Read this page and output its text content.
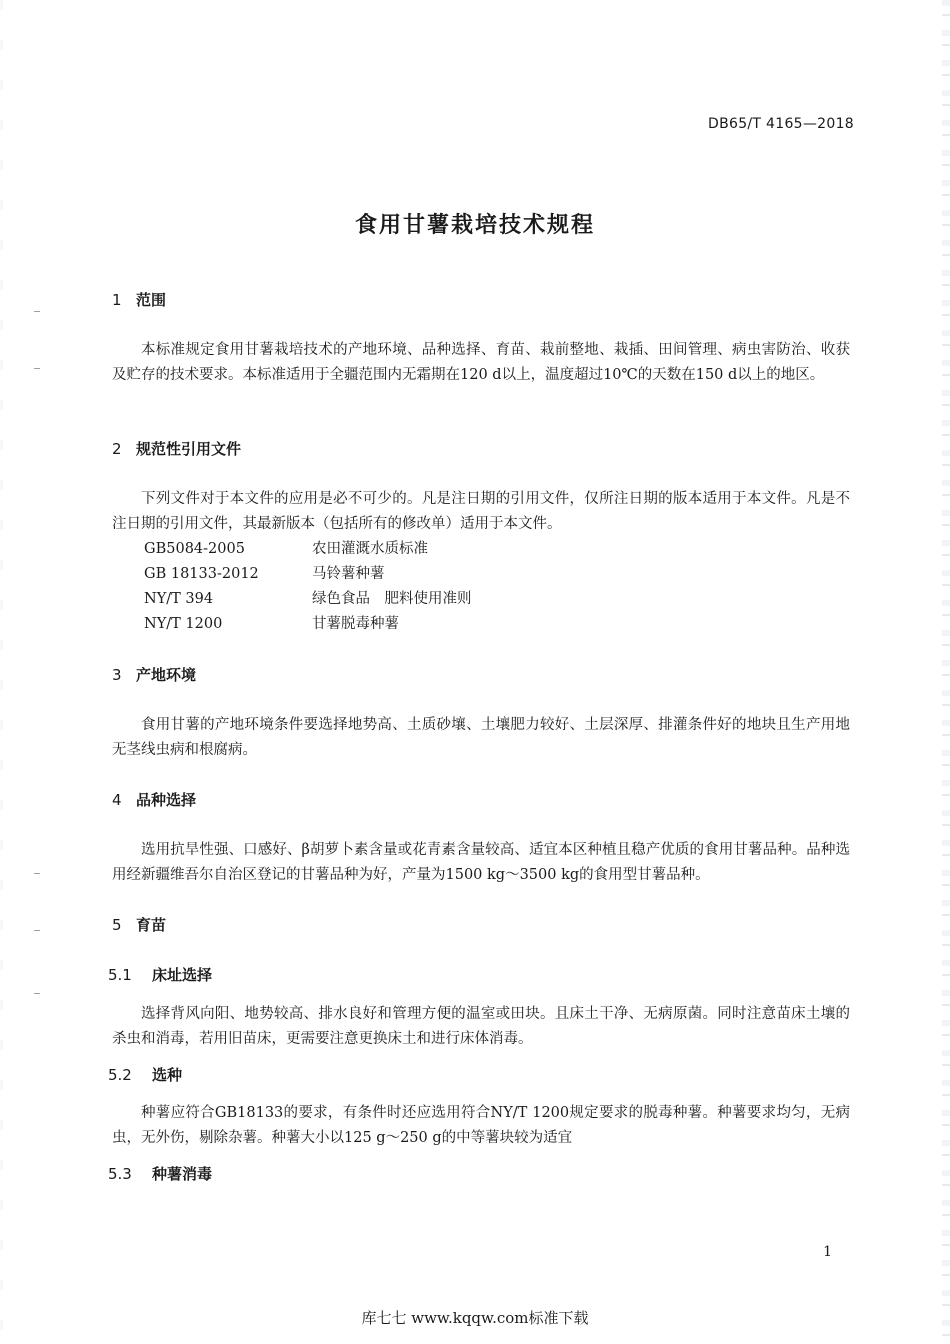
DB65/T 4165—2018
食用甘薯栽培技术规程
1 范围
本标准规定食用甘薯栽培技术的产地环境、品种选择、育苗、栽前整地、栽插、田间管理、病虫害防治、收获及贮存的技术要求。本标准适用于全疆范围内无霜期在120 d以上，温度超过10℃的天数在150 d以上的地区。
2 规范性引用文件
下列文件对于本文件的应用是必不可少的。凡是注日期的引用文件，仅所注日期的版本适用于本文件。凡是不注日期的引用文件，其最新版本（包括所有的修改单）适用于本文件。
GB5084-2005	农田灌溉水质标准
GB 18133-2012	马铃薯种薯
NY/T 394	绿色食品　肥料使用准则
NY/T 1200	甘薯脱毒种薯
3 产地环境
食用甘薯的产地环境条件要选择地势高、土质砂壤、土壤肥力较好、土层深厚、排灌条件好的地块且生产用地无茎线虫病和根腐病。
4 品种选择
选用抗旱性强、口感好、β胡萝卜素含量或花青素含量较高、适宜本区种植且稳产优质的食用甘薯品种。品种选用经新疆维吾尔自治区登记的甘薯品种为好，产量为1500 kg～3500 kg的食用型甘薯品种。
5 育苗
5.1 床址选择
选择背风向阳、地势较高、排水良好和管理方便的温室或田块。且床土干净、无病原菌。同时注意苗床土壤的杀虫和消毒，若用旧苗床，更需要注意更换床土和进行床体消毒。
5.2 选种
种薯应符合GB18133的要求，有条件时还应选用符合NY/T 1200规定要求的脱毒种薯。种薯要求均匀，无病虫，无外伤，剔除杂薯。种薯大小以125 g～250 g的中等薯块较为适宜
5.3 种薯消毒
1
库七七 www.kqqw.com标准下载
